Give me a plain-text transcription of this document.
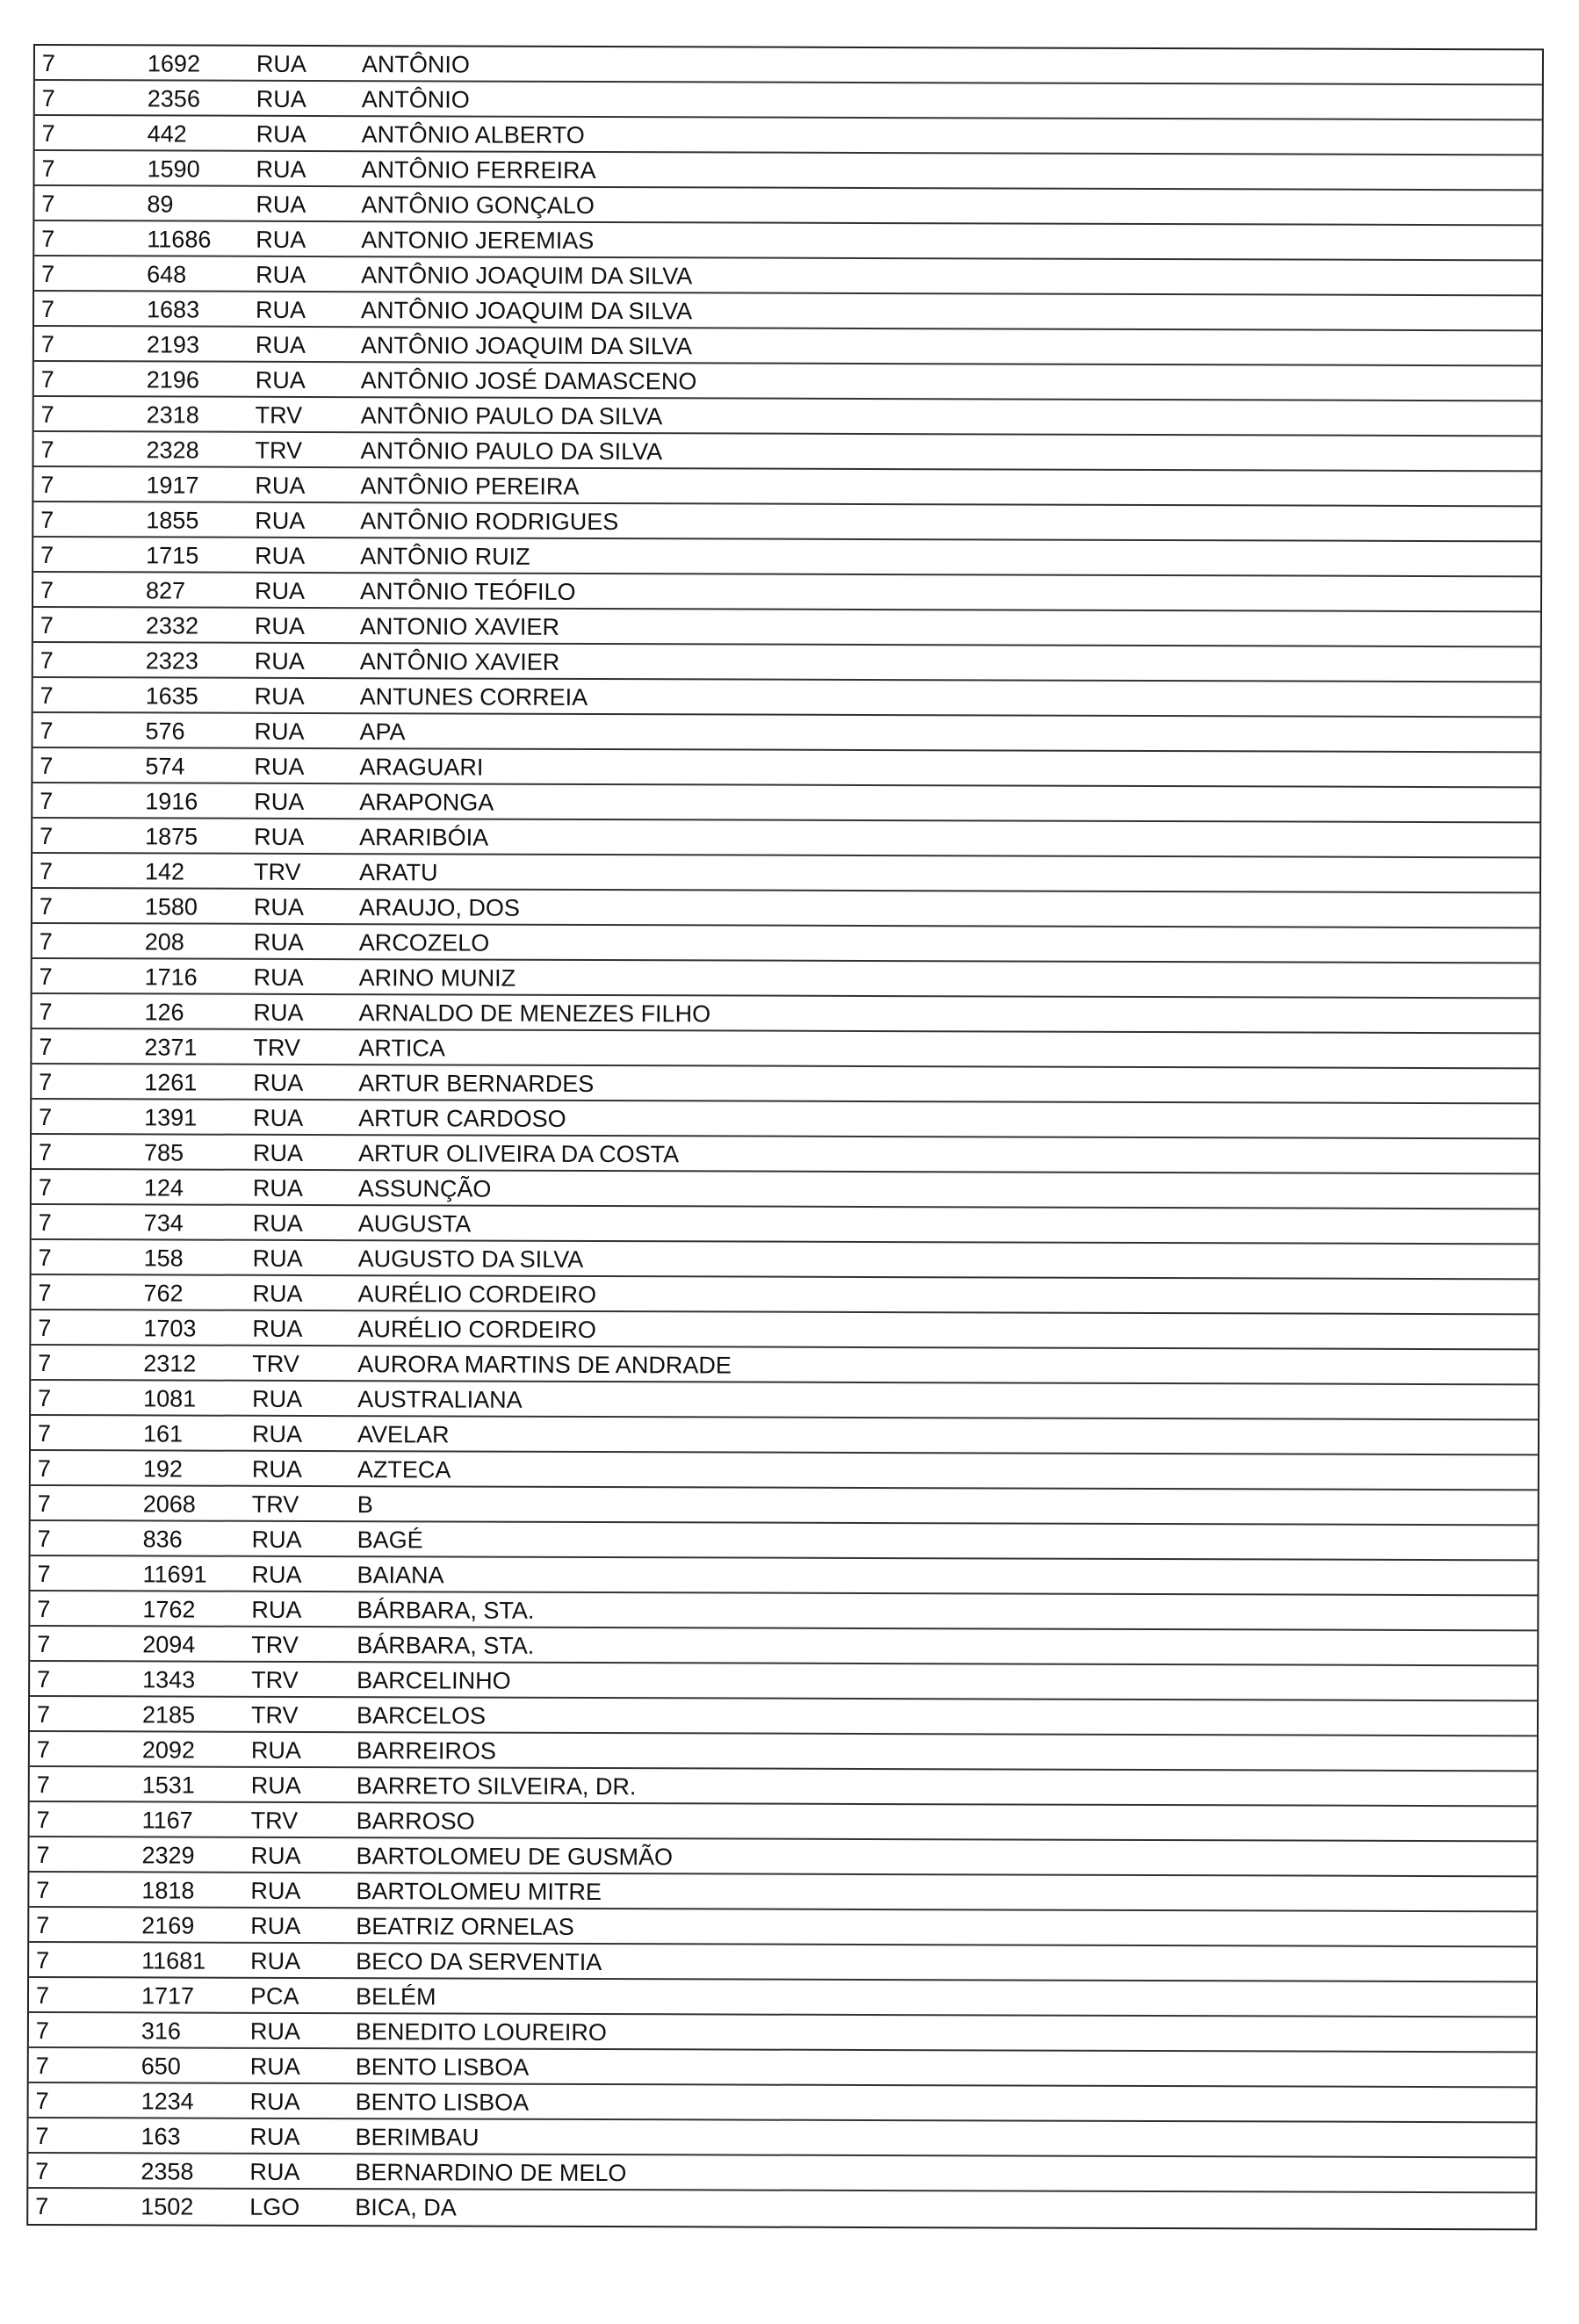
7	1692 RUA ANTÔNIO
7	2356 RUA ANTÔNIO
7	442	RUA ANTÔNIO ALBERTO
7	1590 RUA ANTÔNIO FERREIRA
7	89	RUA ANTÔNIO GONÇALO
7	11686 RUA ANTONIO JEREMIAS
7	648	RUA ANTÔNIO JOAQUIM DA SILVA
7	1683 RUA ANTÔNIO JOAQUIM DA SILVA
7	2193 RUA ANTÔNIO JOAQUIM DA SILVA
7	2196 RUA ANTÔNIO JOSÉ DAMASCENO
7	2318 TRV ANTÔNIO PAULO DA SILVA
7	2328 TRV ANTÔNIO PAULO DA SILVA
7	1917 RUA ANTÔNIO PEREIRA
7	1855 RUA ANTÔNIO RODRIGUES
7	1715 RUA ANTÔNIO RUIZ
7	827	RUA ANTÔNIO TEÓFILO
7	2332 RUA ANTONIO XAVIER
7	2323 RUA ANTÔNIO XAVIER
7	1635 RUA ANTUNES CORREIA
7	576	RUA APA
7	574	RUA ARAGUARI
7	1916 RUA ARAPONGA
7	1875 RUA ARARIBÓIA
7	142	TRV ARATU
7	1580 RUA ARAUJO, DOS
7	208	RUA ARCOZELO
7	1716 RUA ARINO MUNIZ
7	126	RUA ARNALDO DE MENEZES FILHO
7	2371 TRV ARTICA
7	1261 RUA ARTUR BERNARDES
7	1391 RUA ARTUR CARDOSO
7	785	RUA ARTUR OLIVEIRA DA COSTA
7	124	RUA ASSUNÇÃO
7	734	RUA AUGUSTA
7	158	RUA AUGUSTO DA SILVA
7	762	RUA AURÉLIO CORDEIRO
7	1703 RUA AURÉLIO CORDEIRO
7	2312 TRV AURORA MARTINS DE ANDRADE
7	1081 RUA AUSTRALIANA
7	161	RUA AVELAR
7	192	RUA AZTECA
7	2068 TRV B
7	836	RUA BAGÉ
7	11691 RUA BAIANA
7	1762 RUA BÁRBARA, STA.
7	2094 TRV BÁRBARA, STA.
7	1343 TRV BARCELINHO
7	2185 TRV BARCELOS
7	2092 RUA BARREIROS
7	1531 RUA BARRETO SILVEIRA, DR.
7	1167 TRV BARROSO
7	2329 RUA BARTOLOMEU DE GUSMÃO
7	1818 RUA BARTOLOMEU MITRE
7	2169 RUA BEATRIZ ORNELAS
7	11681 RUA BECO DA SERVENTIA
7	1717 PCA BELÉM
7	316	RUA BENEDITO LOUREIRO
7	650	RUA BENTO LISBOA
7	1234 RUA BENTO LISBOA
7	163	RUA BERIMBAU
7	2358 RUA BERNARDINO DE MELO
7	1502 LGO BICA, DA
